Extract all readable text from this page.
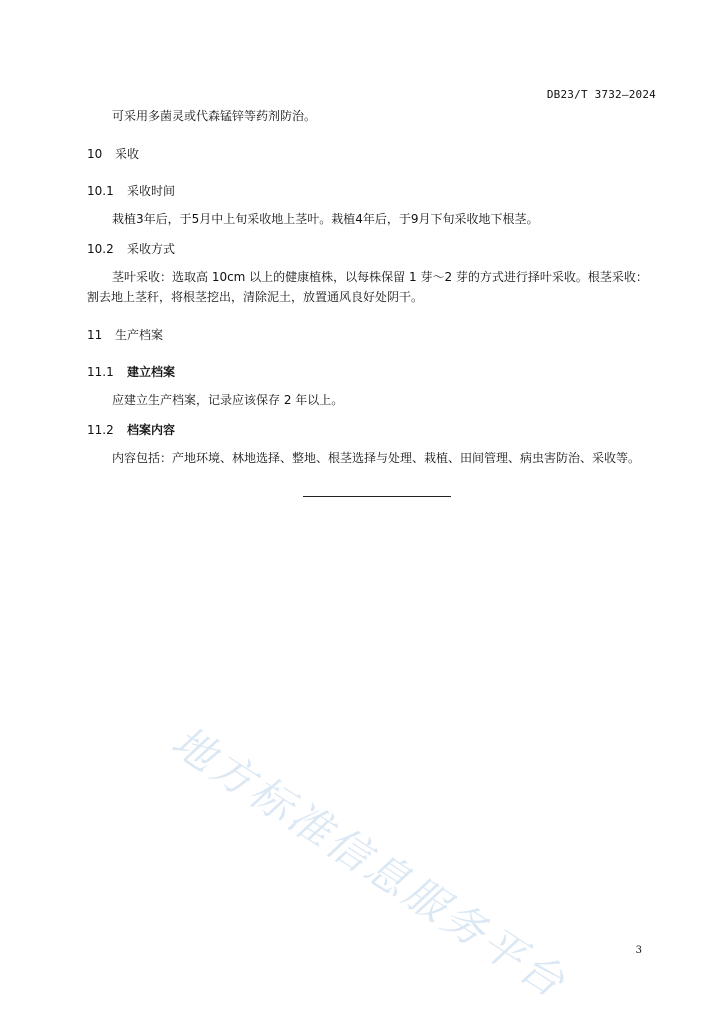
DB23/T 3732—2024
可采用多菌灵或代森锰锌等药剂防治。
10 采收
10.1 采收时间
栽植3年后，于5月中上旬采收地上茎叶。栽植4年后，于9月下旬采收地下根茎。
10.2 采收方式
茎叶采收：选取高 10cm 以上的健康植株，以每株保留 1 芽～2 芽的方式进行择叶采收。根茎采收：
割去地上茎秆，将根茎挖出，清除泥土，放置通风良好处阴干。
11 生产档案
11.1 建立档案
应建立生产档案，记录应该保存 2 年以上。
11.2 档案内容
内容包括：产地环境、林地选择、整地、根茎选择与处理、栽植、田间管理、病虫害防治、采收等。
地方标准信息服务平台	3
